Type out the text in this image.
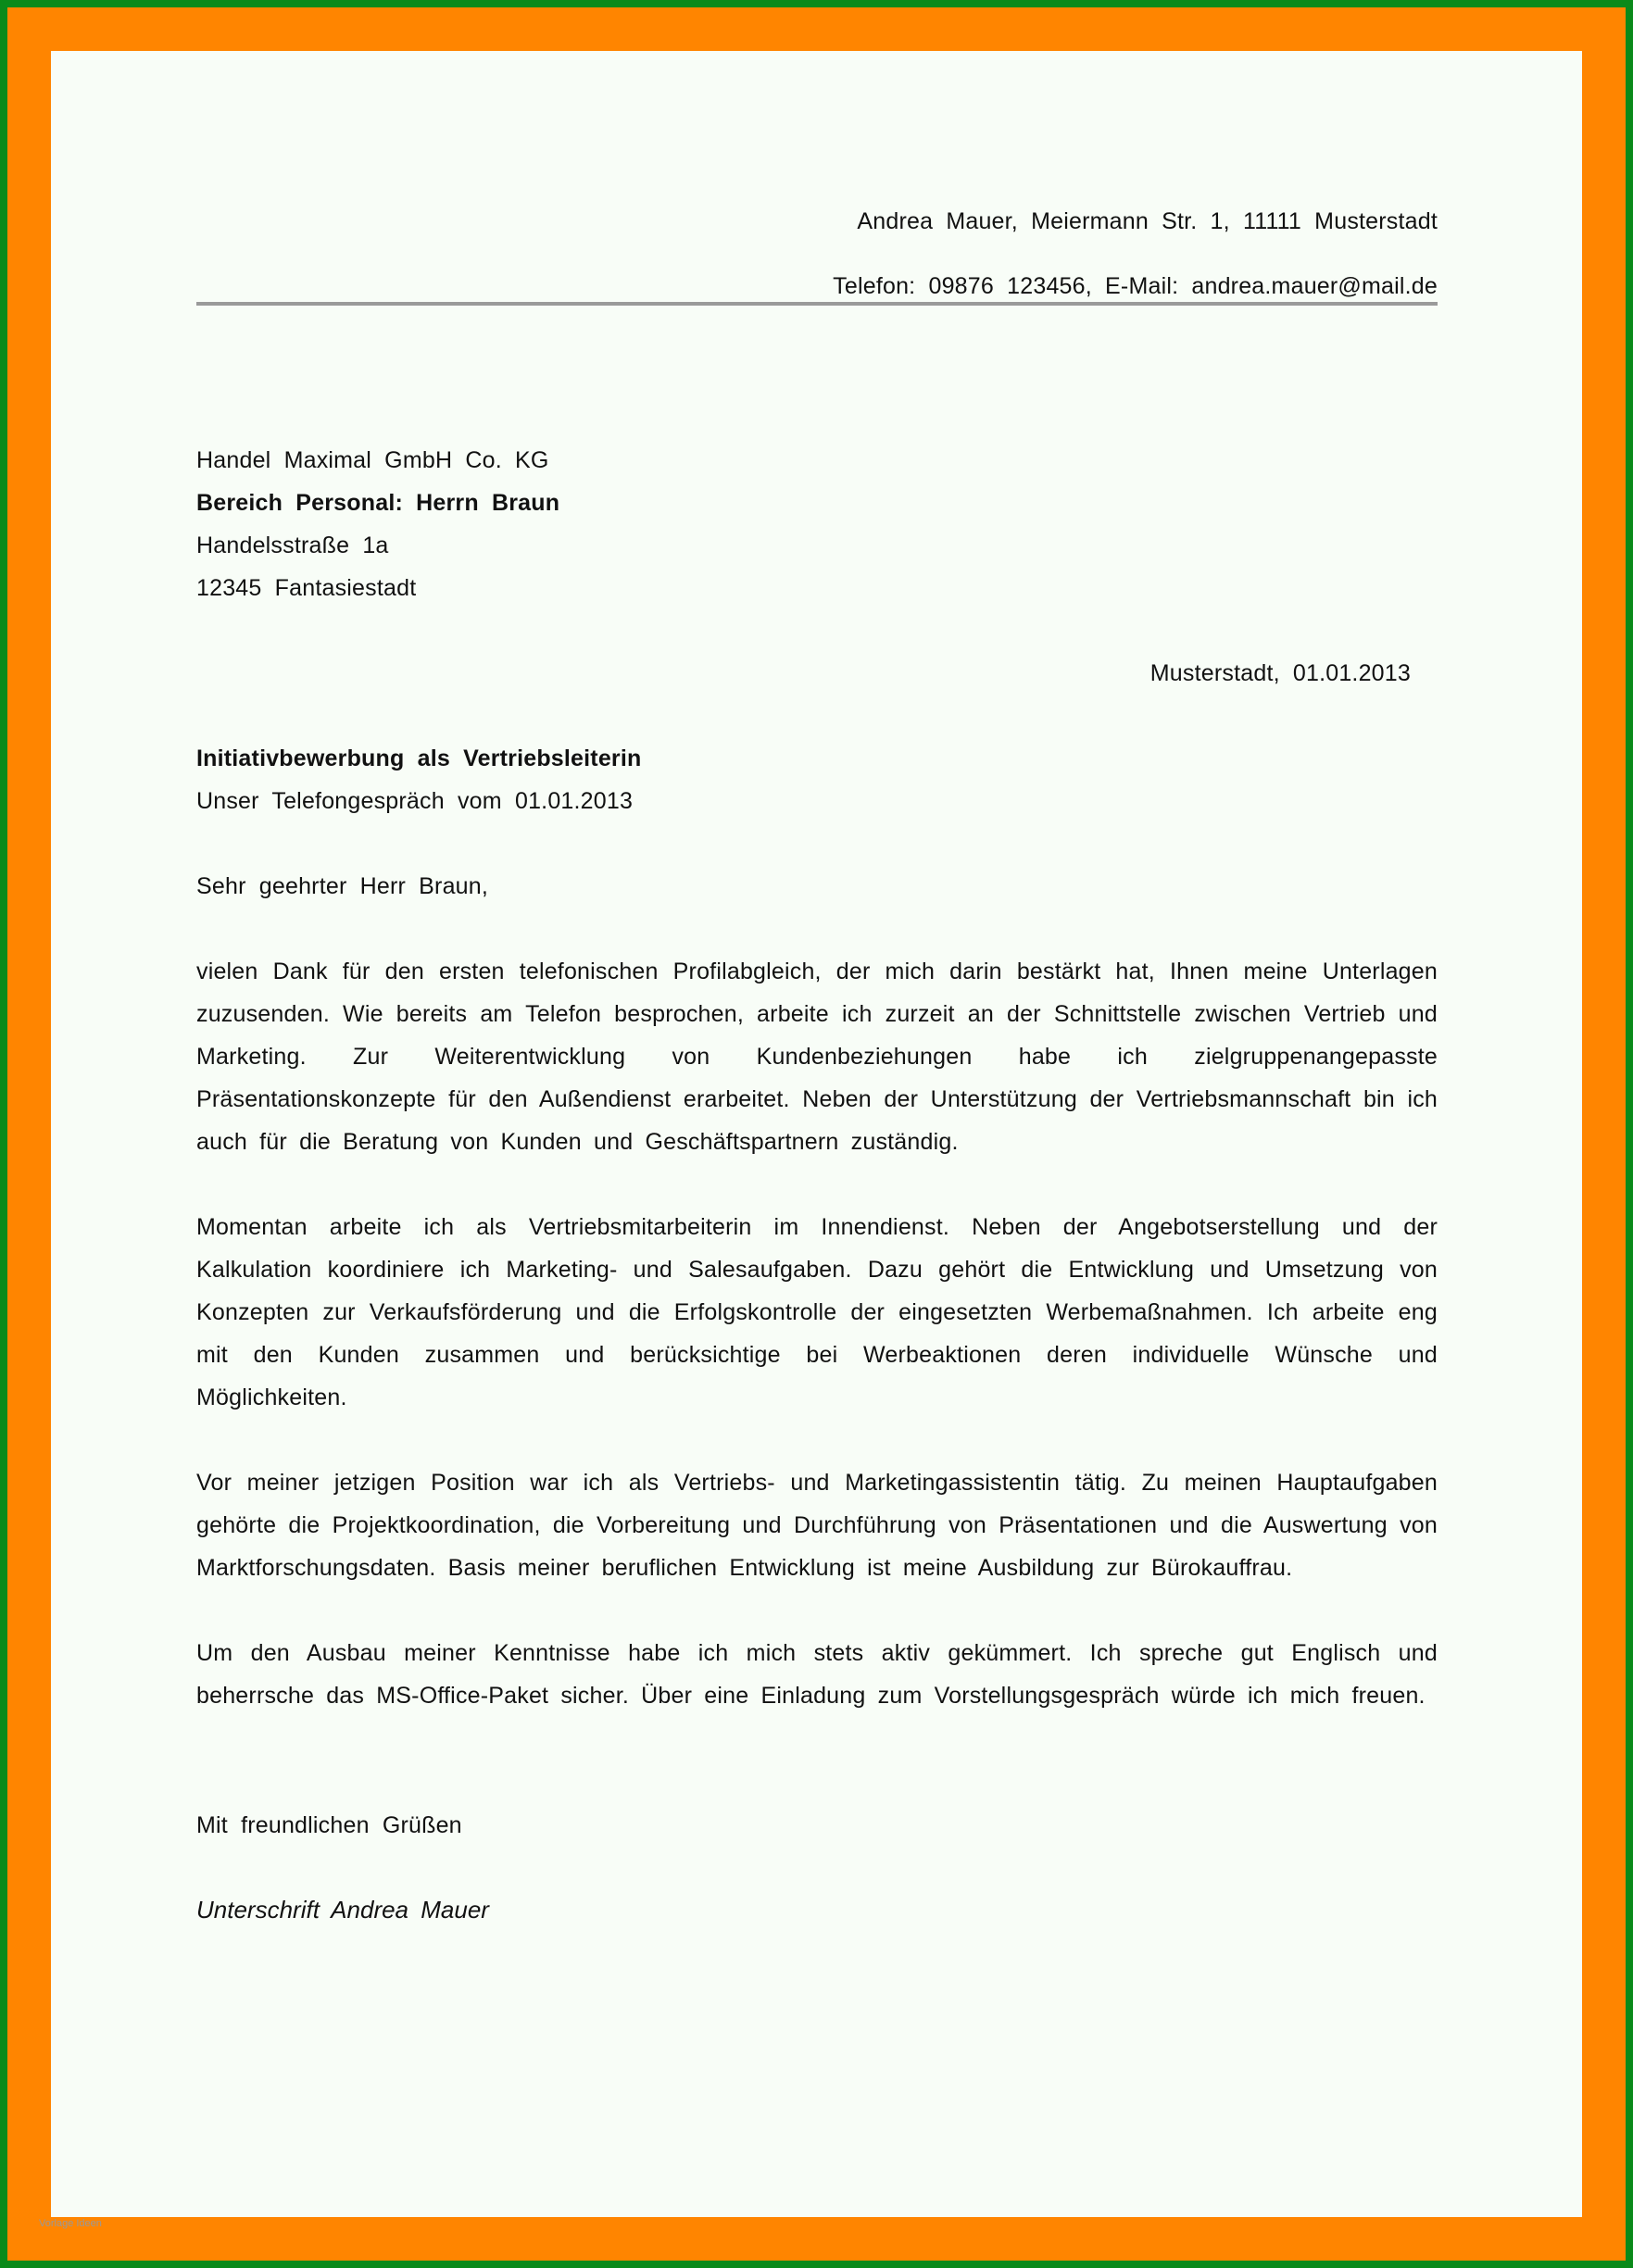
Andrea Mauer, Meiermann Str. 1, 11111 Musterstadt
Telefon: 09876 123456, E-Mail: andrea.mauer@mail.de
Handel Maximal GmbH Co. KG
Bereich Personal: Herrn Braun
Handelsstraße 1a
12345 Fantasiestadt
Musterstadt, 01.01.2013
Initiativbewerbung als Vertriebsleiterin
Unser Telefongespräch vom 01.01.2013
Sehr geehrter Herr Braun,
vielen Dank für den ersten telefonischen Profilabgleich, der mich darin bestärkt hat, Ihnen meine Unterlagen zuzusenden. Wie bereits am Telefon besprochen, arbeite ich zurzeit an der Schnittstelle zwischen Vertrieb und Marketing. Zur Weiterentwicklung von Kundenbeziehungen habe ich zielgruppenangepasste Präsentationskonzepte für den Außendienst erarbeitet. Neben der Unterstützung der Vertriebsmannschaft bin ich auch für die Beratung von Kunden und Geschäftspartnern zuständig.
Momentan arbeite ich als Vertriebsmitarbeiterin im Innendienst. Neben der Angebotserstellung und der Kalkulation koordiniere ich Marketing- und Salesaufgaben. Dazu gehört die Entwicklung und Umsetzung von Konzepten zur Verkaufsförderung und die Erfolgskontrolle der eingesetzten Werbemaßnahmen. Ich arbeite eng mit den Kunden zusammen und berücksichtige bei Werbeaktionen deren individuelle Wünsche und Möglichkeiten.
Vor meiner jetzigen Position war ich als Vertriebs- und Marketingassistentin tätig. Zu meinen Hauptaufgaben gehörte die Projektkoordination, die Vorbereitung und Durchführung von Präsentationen und die Auswertung von Marktforschungsdaten. Basis meiner beruflichen Entwicklung ist meine Ausbildung zur Bürokauffrau.
Um den Ausbau meiner Kenntnisse habe ich mich stets aktiv gekümmert. Ich spreche gut Englisch und beherrsche das MS-Office-Paket sicher. Über eine Einladung zum Vorstellungsgespräch würde ich mich freuen.
Mit freundlichen Grüßen
Unterschrift Andrea Mauer
Vorlage Ideen
